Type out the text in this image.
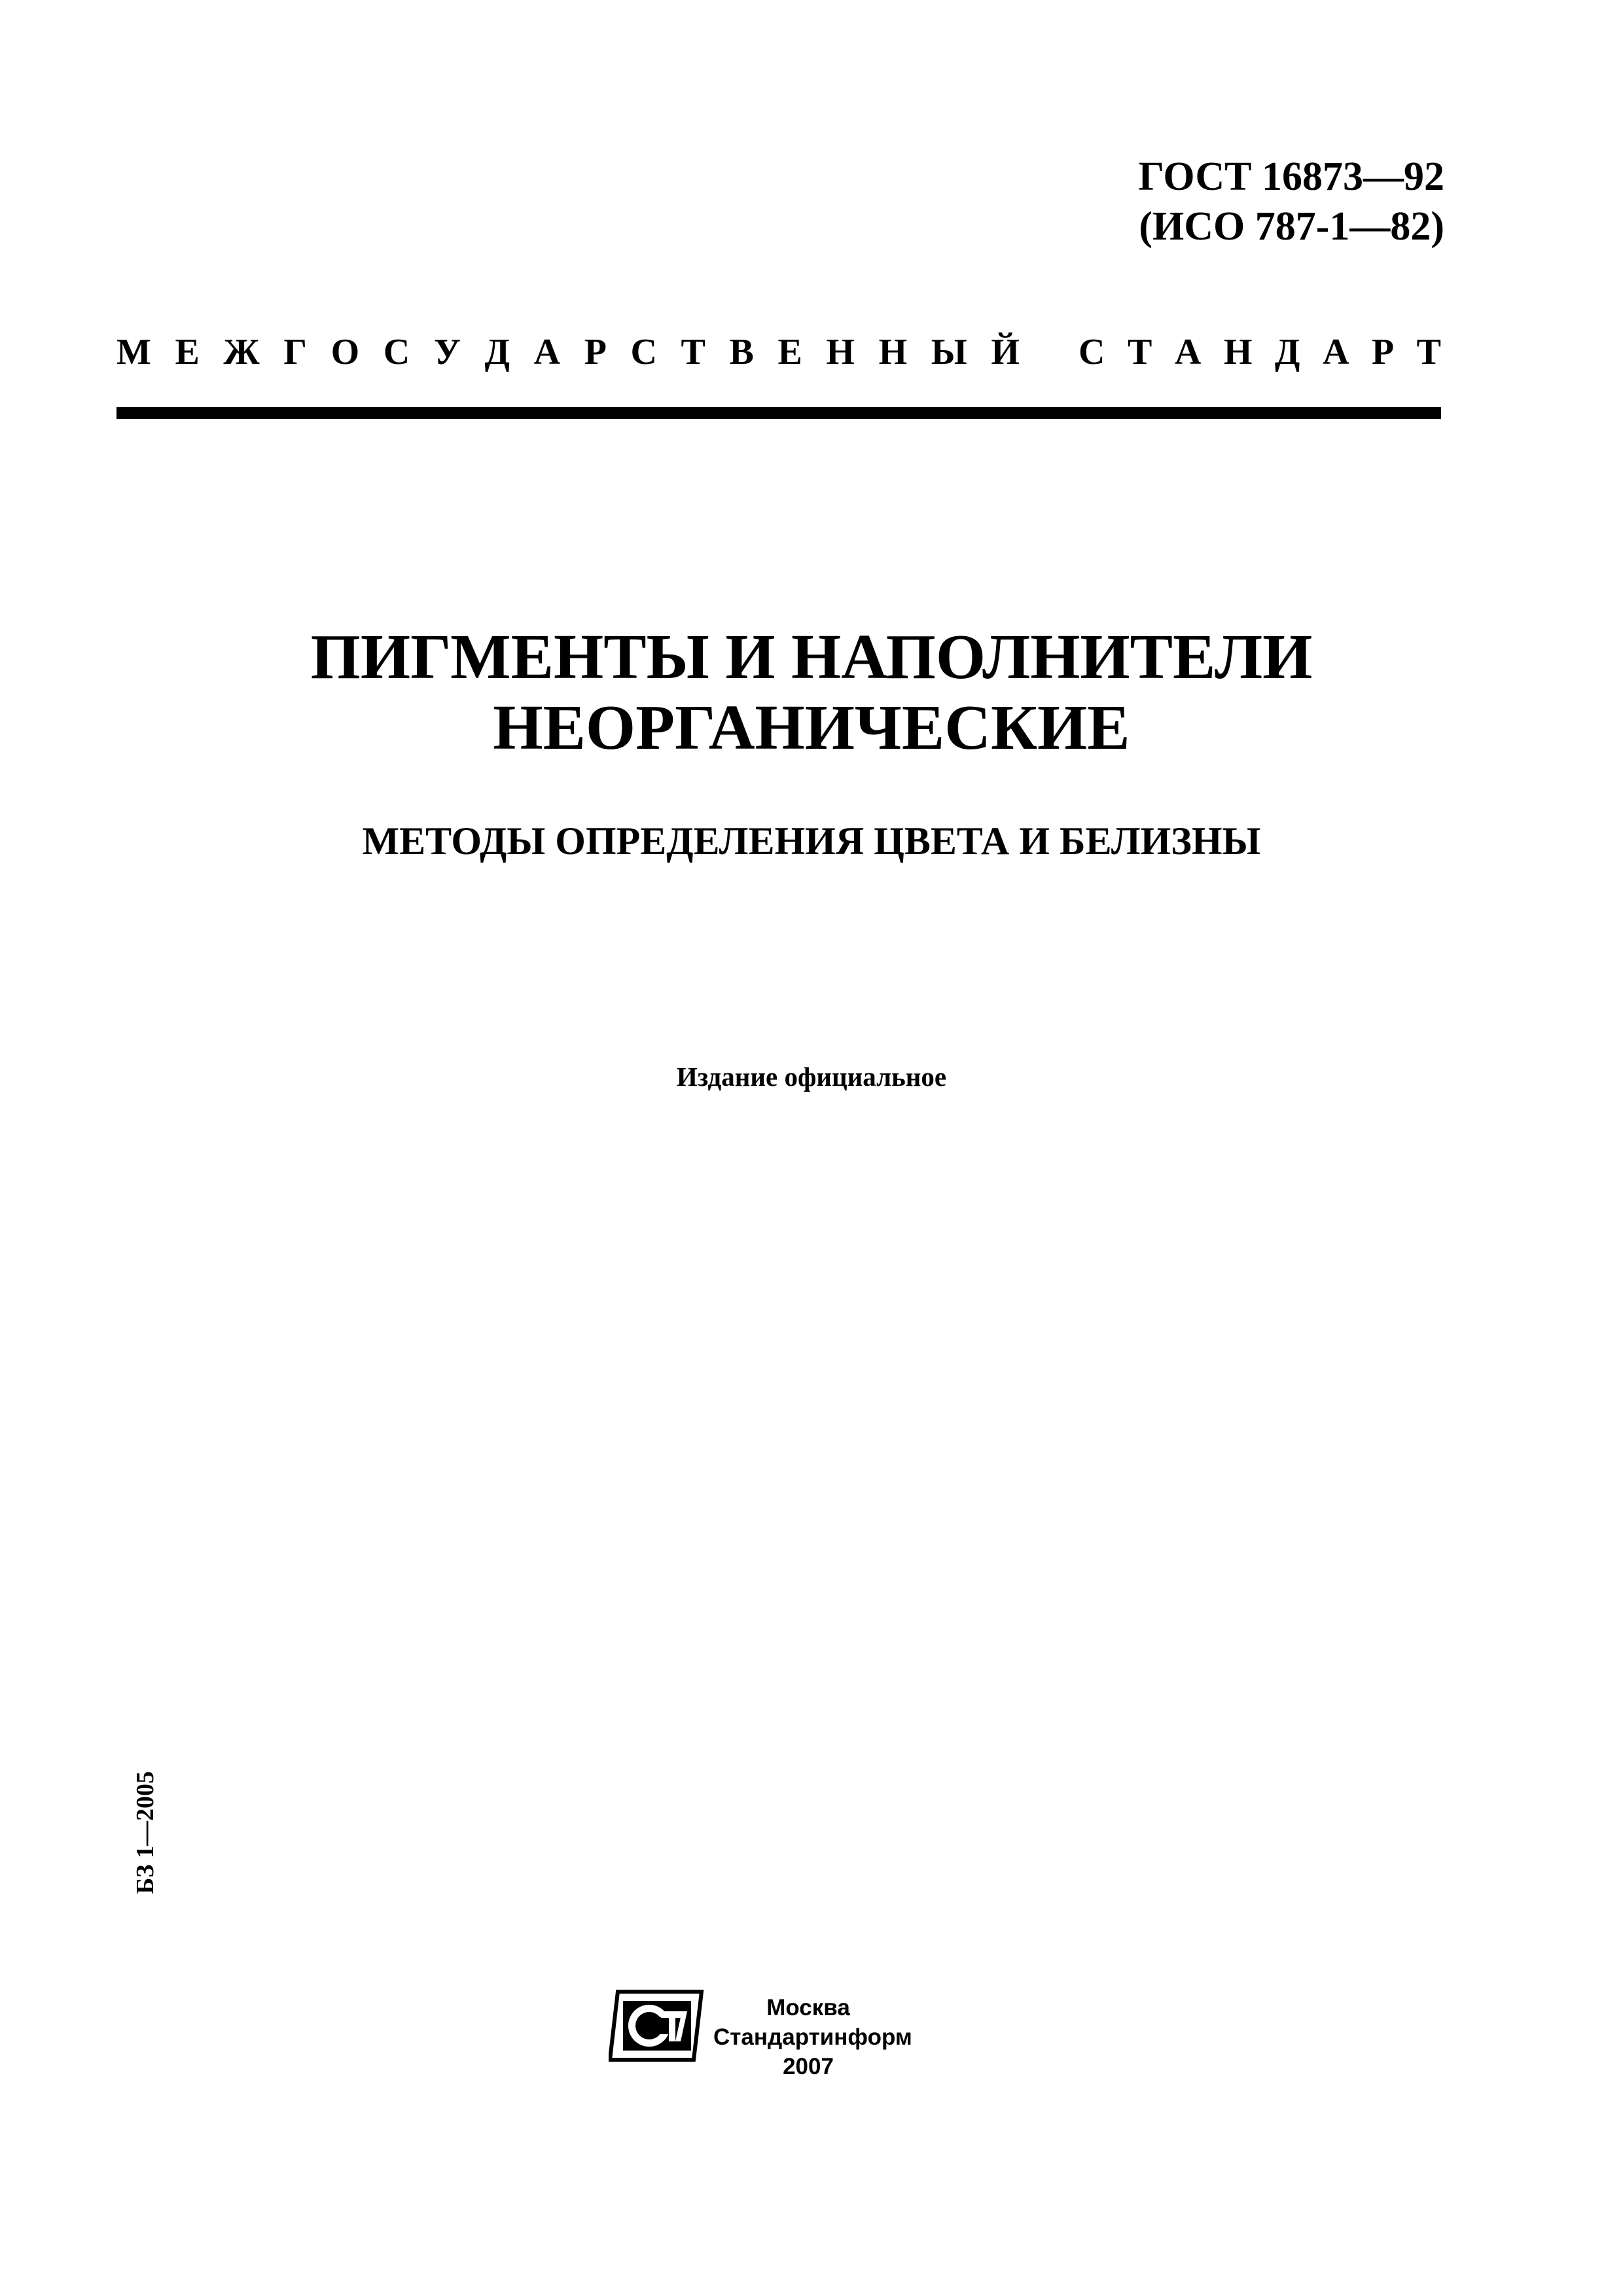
ГОСТ 16873—92
(ИСО 787-1—82)
М Е Ж Г О С У Д А Р С Т В Е Н Н Ы Й С Т А Н Д А Р Т
ПИГМЕНТЫ И НАПОЛНИТЕЛИ
НЕОРГАНИЧЕСКИЕ
МЕТОДЫ ОПРЕДЕЛЕНИЯ ЦВЕТА И БЕЛИЗНЫ
Издание официальное
БЗ 1—2005
Москва
Стандартинформ
2007
